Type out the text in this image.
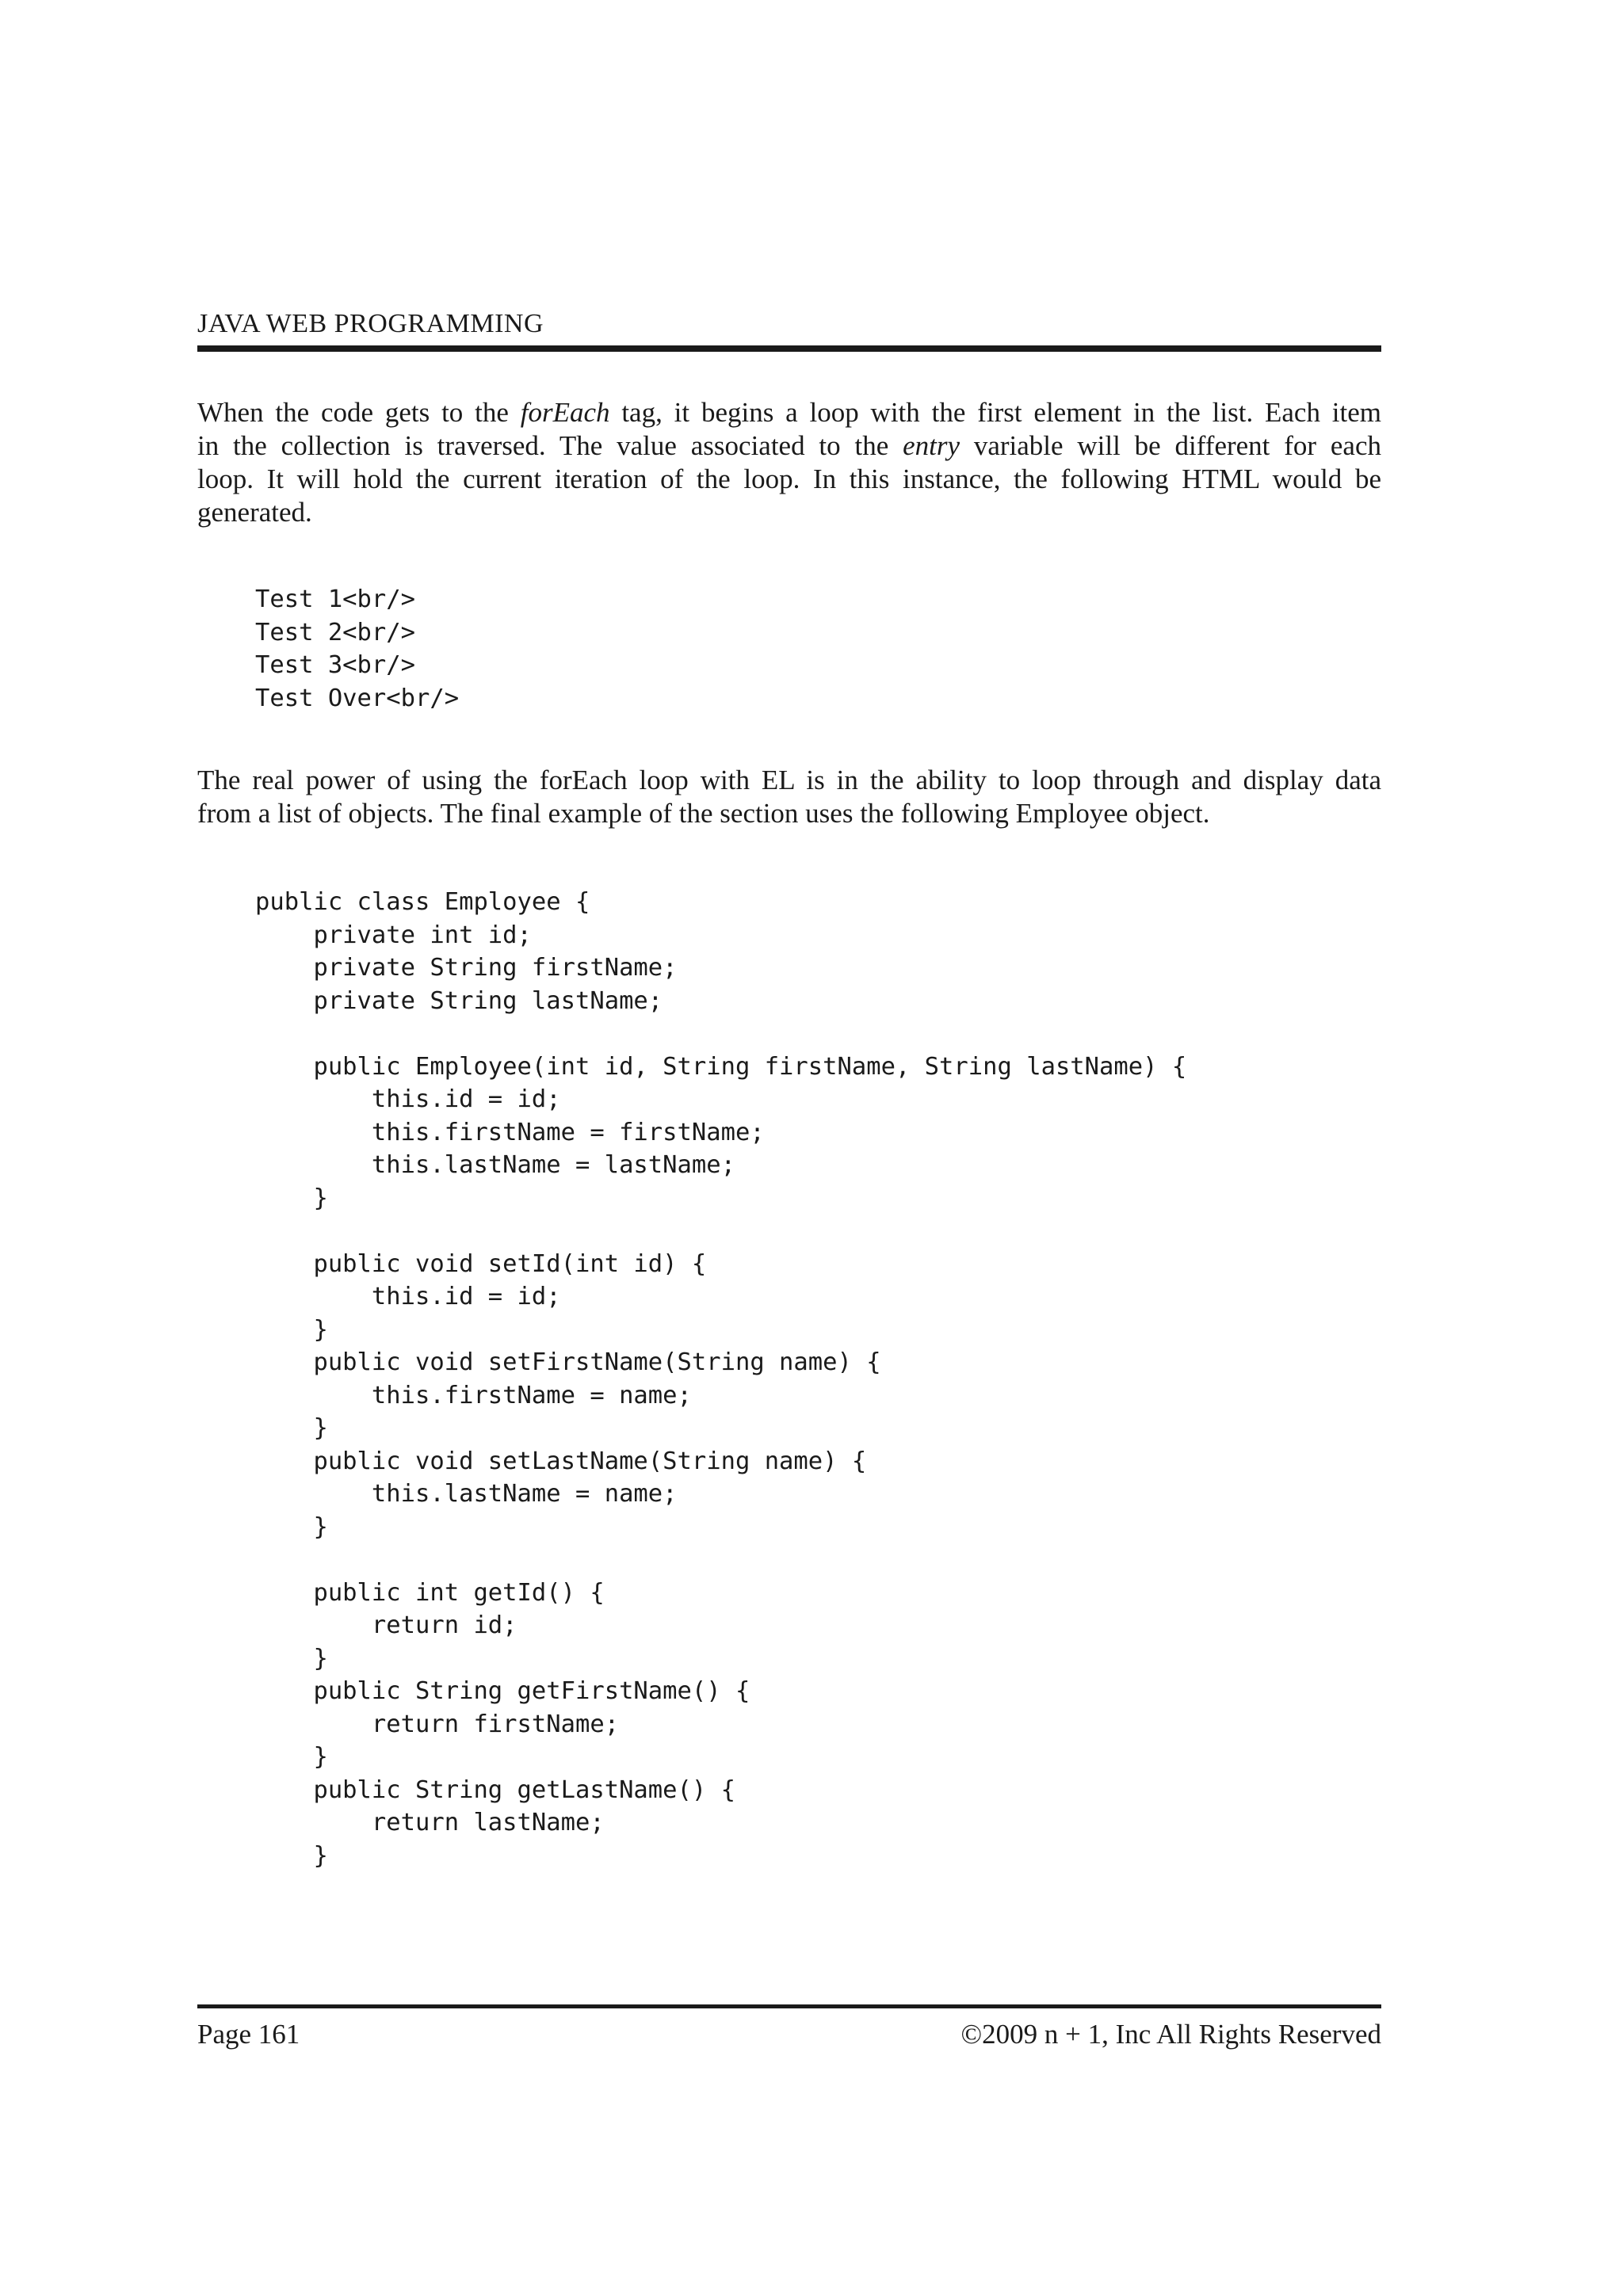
JAVA WEB PROGRAMMING
When the code gets to the forEach tag, it begins a loop with the first element in the list. Each item
in the collection is traversed. The value associated to the entry variable will be different for each
loop. It will hold the current iteration of the loop. In this instance, the following HTML would be
generated.
Test 1<br/>
Test 2<br/>
Test 3<br/>
Test Over<br/>
The real power of using the forEach loop with EL is in the ability to loop through and display data
from a list of objects. The final example of the section uses the following Employee object.
public class Employee {
private int id;
private String firstName;
private String lastName;
public Employee(int id, String firstName, String lastName) {
this.id = id;
this.firstName = firstName;
this.lastName = lastName;
}
public void setId(int id) {
this.id = id;
}
public void setFirstName(String name) {
this.firstName = name;
}
public void setLastName(String name) {
this.lastName = name;
}
public int getId() {
return id;
}
public String getFirstName() {
return firstName;
}
public String getLastName() {
return lastName;
}
Page 161	©2009 n + 1, Inc All Rights Reserved
